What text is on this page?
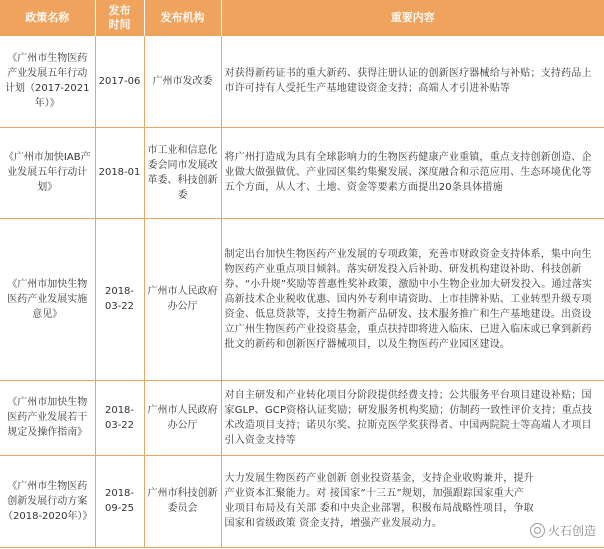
政策名称	发布时间	发布机构	重要内容
《广州市生物医药产业发展五年行动计划（2017-2021年）》	2017-06	广州市发改委	对获得新药证书的重大新药、获得注册认证的创新医疗器械给与补贴；支持药品上市许可持有人受托生产基地建设资金支持；高端人才引进补贴等
《广州市加快IAB产业发展五年行动计划》	2018-01	市工业和信息化委会同市发展改革委、科技创新委	将广州打造成为具有全球影响力的生物医药健康产业重镇，重点支持创新创造、企业做大做强做优、产业园区集约集聚发展、深度融合和示范应用、生态环境优化等五个方面，从人才、土地、资金等要素方面提出20条具体措施
《广州市加快生物医药产业发展实施意见》	2018-03-22	广州市人民政府办公厅	制定出台加快生物医药产业发展的专项政策，充善市财政资金支持体系，集中向生物医药产业重点项目倾斜。落实研发投入后补助、研发机构建设补助、科技创新券、“小升规”奖励等普惠性奖补政策，激励中小生物企业加大研发投入。通过落实高新技术企业税收优惠、国内外专利申请资助、上市挂牌补贴、工业转型升级专项资金、低息贷款等，支持生物新产品研发、技术服务推广和生产基地建设。出资设立广州生物医药产业投资基金，重点扶持即将进入临床、已进入临床或已拿到新药批文的新药和创新医疗器械项目，以及生物医药产业园区建设。
《广州市加快生物医药产业发展若干规定及操作指南》	2018-03-22	广州市人民政府办公厅	对自主研发和产业转化项目分阶段提供经费支持；公共服务平台项目建设补贴；国家GLP、GCP资格认证奖励；研发服务机构奖励；仿制药一致性评价支持；重点技术改造项目支持；诺贝尔奖、拉斯克医学奖获得者、中国两院院士等高端人才项目引入资金支持等
《广州市生物医药创新发展行动方案（2018-2020年）》	2018-09-25	广州市科技创新委员会	大力发展生物医药产业创新 创业投资基金，支持企业收购兼并，提升产业资本汇聚能力。对 接国家“十三五”规划，加强跟踪国家重大产业项目布局及有关部 委和中央企业部署，积极布局战略性项目，争取国家和省级政策 资金支持，增强产业发展动力。
火石创造
